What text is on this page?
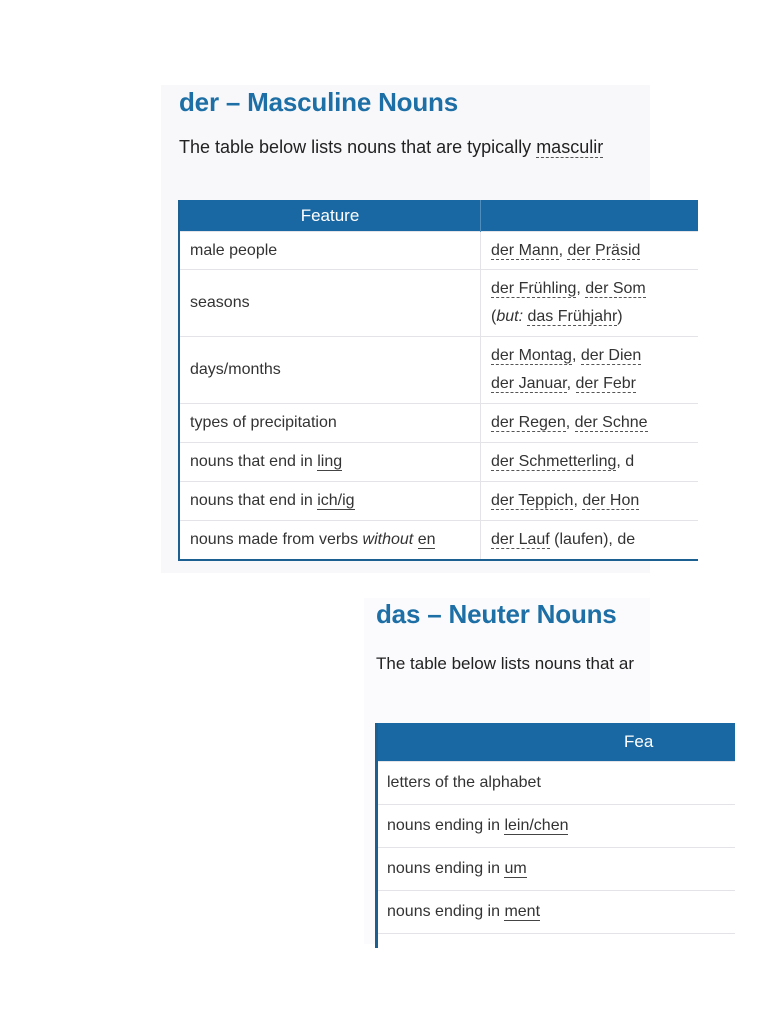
der – Masculine Nouns

The table below lists nouns that are typically masculir

Feature	
male people	der Mann, der Präsid
seasons	der Frühling, der Som
(but: das Frühjahr)

days/months	der Montag, der Dien
der Januar, der Febr

types of precipitation	der Regen, der Schne
nouns that end in ling	der Schmetterling, d
nouns that end in ich/ig	der Teppich, der Hon
nouns made from verbs without en	der Lauf (laufen), de
das – Neuter Nouns

The table below lists nouns that ar

Fea
letters of the alphabet
nouns ending in lein/chen
nouns ending in um
nouns ending in ment
